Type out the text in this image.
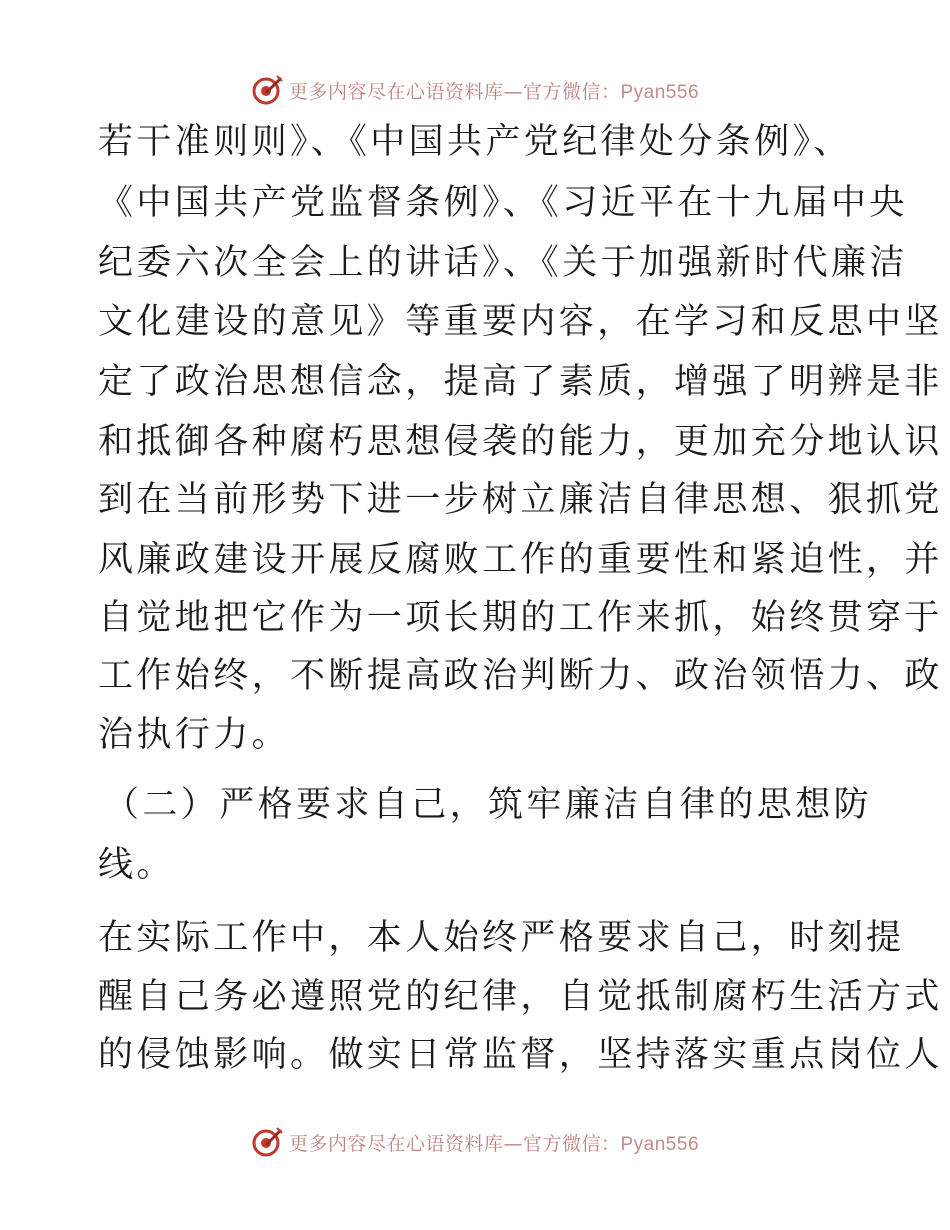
更多内容尽在心语资料库—官方微信：Pyan556
若干准则则》、《中国共产党纪律处分条例》、
《中国共产党监督条例》、《习近平在十九届中央
纪委六次全会上的讲话》、《关于加强新时代廉洁
文化建设的意见》等重要内容，在学习和反思中坚
定了政治思想信念，提高了素质，增强了明辨是非
和抵御各种腐朽思想侵袭的能力，更加充分地认识
到在当前形势下进一步树立廉洁自律思想、狠抓党
风廉政建设开展反腐败工作的重要性和紧迫性，并
自觉地把它作为一项长期的工作来抓，始终贯穿于
工作始终，不断提高政治判断力、政治领悟力、政
治执行力。
（二）严格要求自己，筑牢廉洁自律的思想防
线。
在实际工作中，本人始终严格要求自己，时刻提
醒自己务必遵照党的纪律，自觉抵制腐朽生活方式
的侵蚀影响。做实日常监督，坚持落实重点岗位人
更多内容尽在心语资料库—官方微信：Pyan556
